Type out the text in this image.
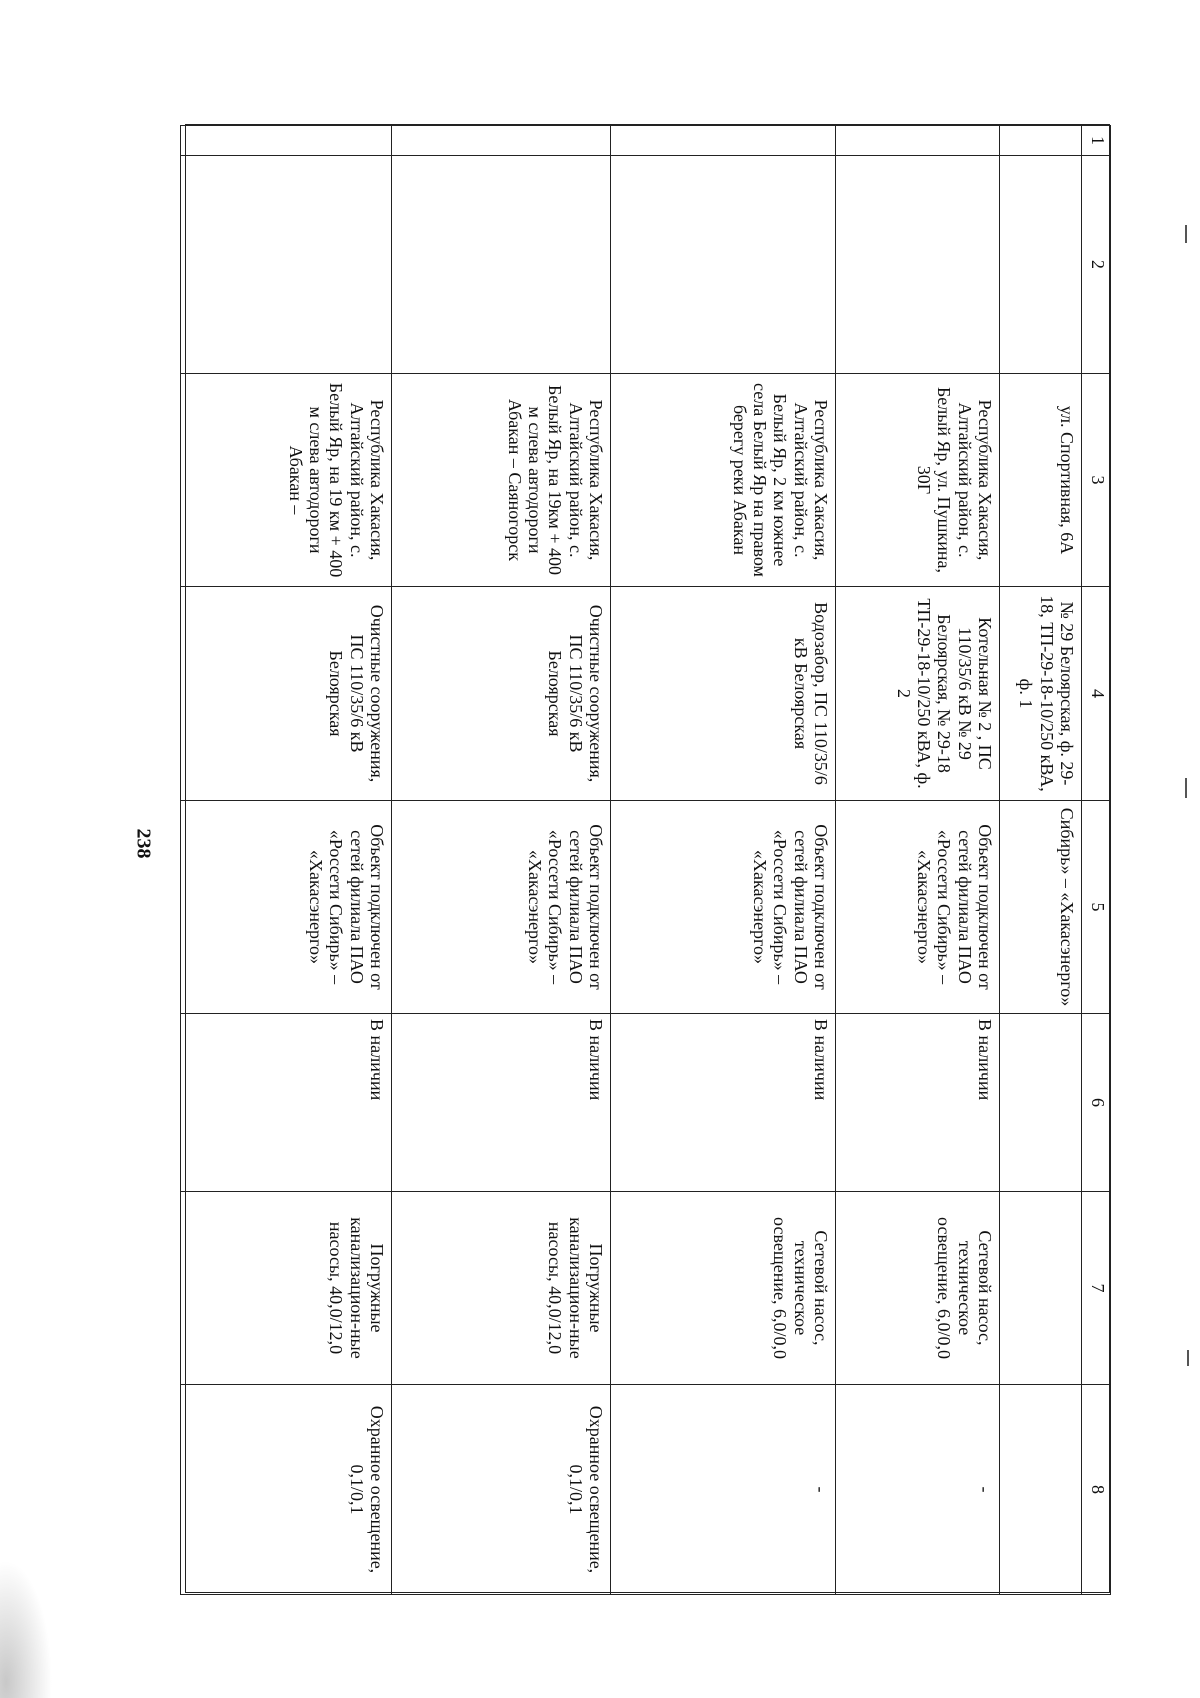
238
1	2	3	4	5	6	7	8
		ул. Спортивная, 6А	№ 29 Белоярская, ф. 29-18, ТП-29-18-10/250 кВА, ф. 1	Сибирь» – «Хакасэнерго»			
		Республика Хакасия, Алтайский район, с. Белый Яр, ул. Пушкина, 30Г	Котельная № 2 , ПС 110/35/6 кВ № 29 Белоярская, № 29-18 ТП-29-18-10/250 кВА, ф. 2	Объект подключен от сетей филиала ПАО «Россети Сибирь» – «Хакасэнерго»	В наличии	Сетевой насос, техническое освещение, 6,0/0,0	-
		Республика Хакасия, Алтайский район, с. Белый Яр, 2 км южнее села Белый Яр на правом берегу реки Абакан	Водозабор, ПС 110/35/6 кВ Белоярская	Объект подключен от сетей филиала ПАО «Россети Сибирь» – «Хакасэнерго»	В наличии	Сетевой насос, техническое освещение, 6,0/0,0	-
		Республика Хакасия, Алтайский район, с. Белый Яр, на 19км + 400 м слева автодороги Абакан – Саяногорск	Очистные сооружения, ПС 110/35/6 кВ Белоярская	Объект подключен от сетей филиала ПАО «Россети Сибирь» – «Хакасэнерго»	В наличии	Погружные канализацион-ные насосы, 40,0/12,0	Охранное освещение, 0,1/0,1
		Республика Хакасия, Алтайский район, с. Белый Яр, на 19 км + 400 м слева автодороги Абакан –	Очистные сооружения, ПС 110/35/6 кВ Белоярская	Объект подключен от сетей филиала ПАО «Россети Сибирь» – «Хакасэнерго»	В наличии	Погружные канализацион-ные насосы, 40,0/12,0	Охранное освещение, 0,1/0,1
